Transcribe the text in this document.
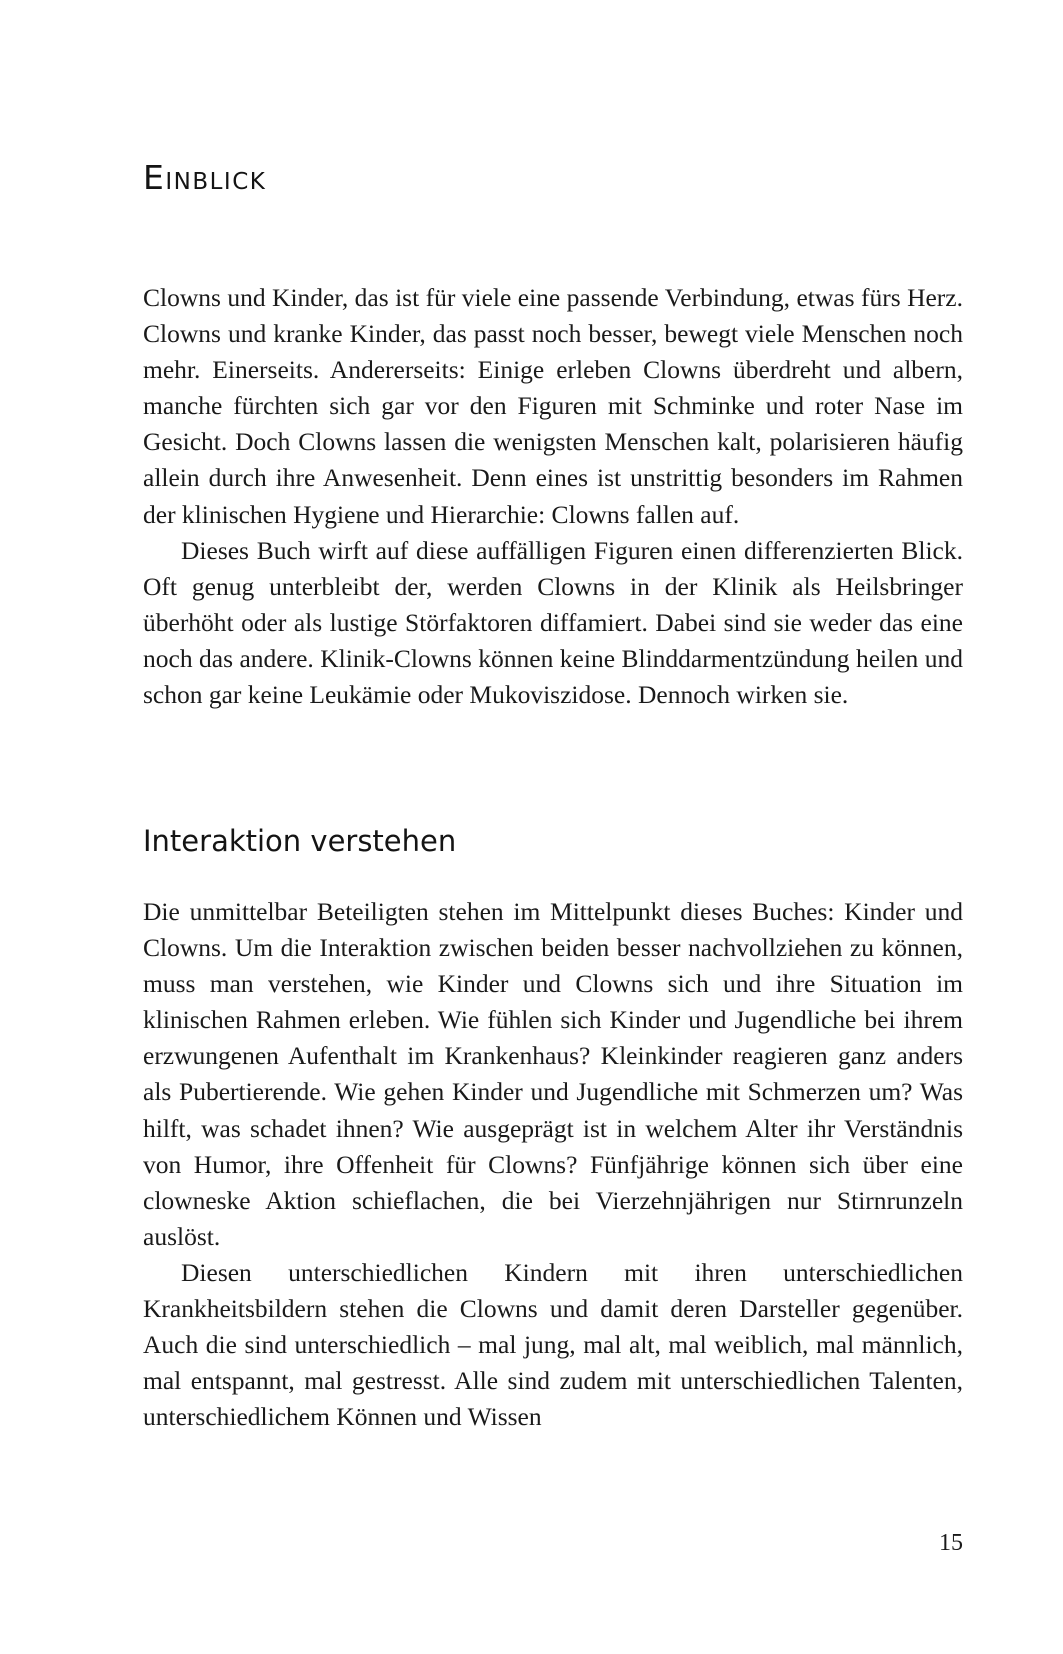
Einblick

Clowns und Kinder, das ist für viele eine passende Verbindung, etwas fürs Herz. Clowns und kranke Kinder, das passt noch besser, bewegt viele Menschen noch mehr. Einerseits. Andererseits: Einige erleben Clowns überdreht und albern, manche fürchten sich gar vor den Figuren mit Schminke und roter Nase im Gesicht. Doch Clowns lassen die wenigsten Menschen kalt, polarisieren häufig allein durch ihre Anwesenheit. Denn eines ist unstrittig besonders im Rahmen der klinischen Hygiene und Hierarchie: Clowns fallen auf.

Dieses Buch wirft auf diese auffälligen Figuren einen differenzierten Blick. Oft genug unterbleibt der, werden Clowns in der Klinik als Heilsbringer überhöht oder als lustige Störfaktoren diffamiert. Dabei sind sie weder das eine noch das andere. Klinik-Clowns können keine Blinddarmentzündung heilen und schon gar keine Leukämie oder Mukoviszidose. Dennoch wirken sie.

Interaktion verstehen

Die unmittelbar Beteiligten stehen im Mittelpunkt dieses Buches: Kinder und Clowns. Um die Interaktion zwischen beiden besser nachvollziehen zu können, muss man verstehen, wie Kinder und Clowns sich und ihre Situation im klinischen Rahmen erleben. Wie fühlen sich Kinder und Jugendliche bei ihrem erzwungenen Aufenthalt im Krankenhaus? Kleinkinder reagieren ganz anders als Pubertierende. Wie gehen Kinder und Jugendliche mit Schmerzen um? Was hilft, was schadet ihnen? Wie ausgeprägt ist in welchem Alter ihr Verständnis von Humor, ihre Offenheit für Clowns? Fünfjährige können sich über eine clowneske Aktion schieflachen, die bei Vierzehnjährigen nur Stirnrunzeln auslöst.

Diesen unterschiedlichen Kindern mit ihren unterschiedlichen Krankheitsbildern stehen die Clowns und damit deren Darsteller gegenüber. Auch die sind unterschiedlich – mal jung, mal alt, mal weiblich, mal männlich, mal entspannt, mal gestresst. Alle sind zudem mit unterschiedlichen Talenten, unterschiedlichem Können und Wissen

15
